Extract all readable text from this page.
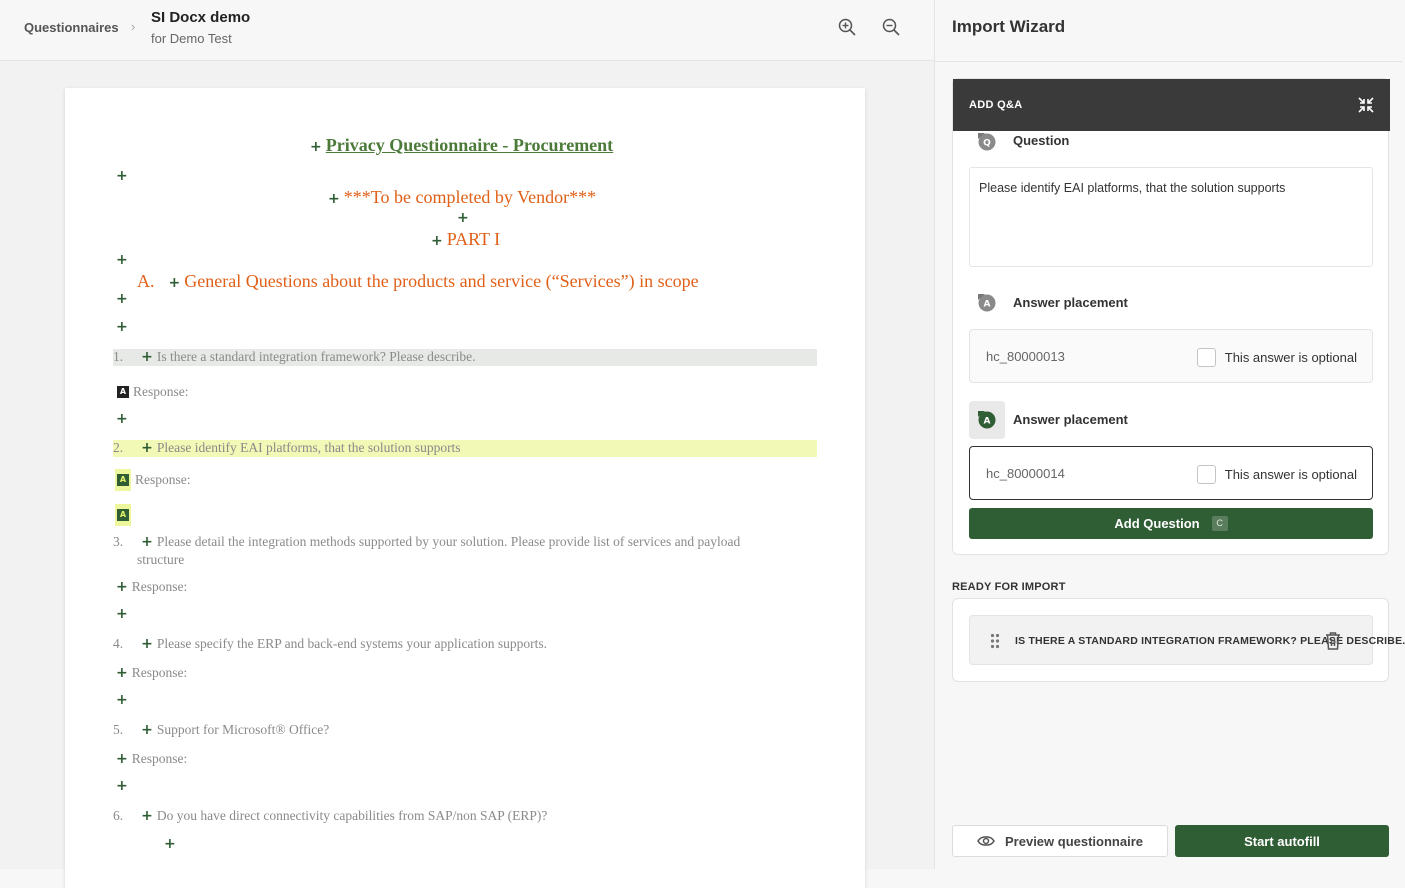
Questionnaires ›
SI Docx demo
for Demo Test
+ Privacy Questionnaire - Procurement
+
+ ***To be completed by Vendor***
+
+ PART I
+
A. + General Questions about the products and service (“Services”) in scope
+
+
1. + Is there a standard integration framework? Please describe.
A Response:
+
2. + Please identify EAI platforms, that the solution supports
A Response:
A
3. + Please detail the integration methods supported by your solution. Please provide list of services and payload
structure
+ Response:
+
4. + Please specify the ERP and back-end systems your application supports.
+ Response:
+
5. + Support for Microsoft® Office?
+ Response:
+
6. + Do you have direct connectivity capabilities from SAP/non SAP (ERP)?
+
Import Wizard
ADD Q&A
Q Question
Please identify EAI platforms, that the solution supports
A Answer placement
hc_80000013	This answer is optional
A Answer placement
hc_80000014	This answer is optional
Add Question	C
READY FOR IMPORT
IS THERE A STANDARD INTEGRATION FRAMEWORK? PLEASE DESCRIBE.
Preview questionnaire	Start autofill
